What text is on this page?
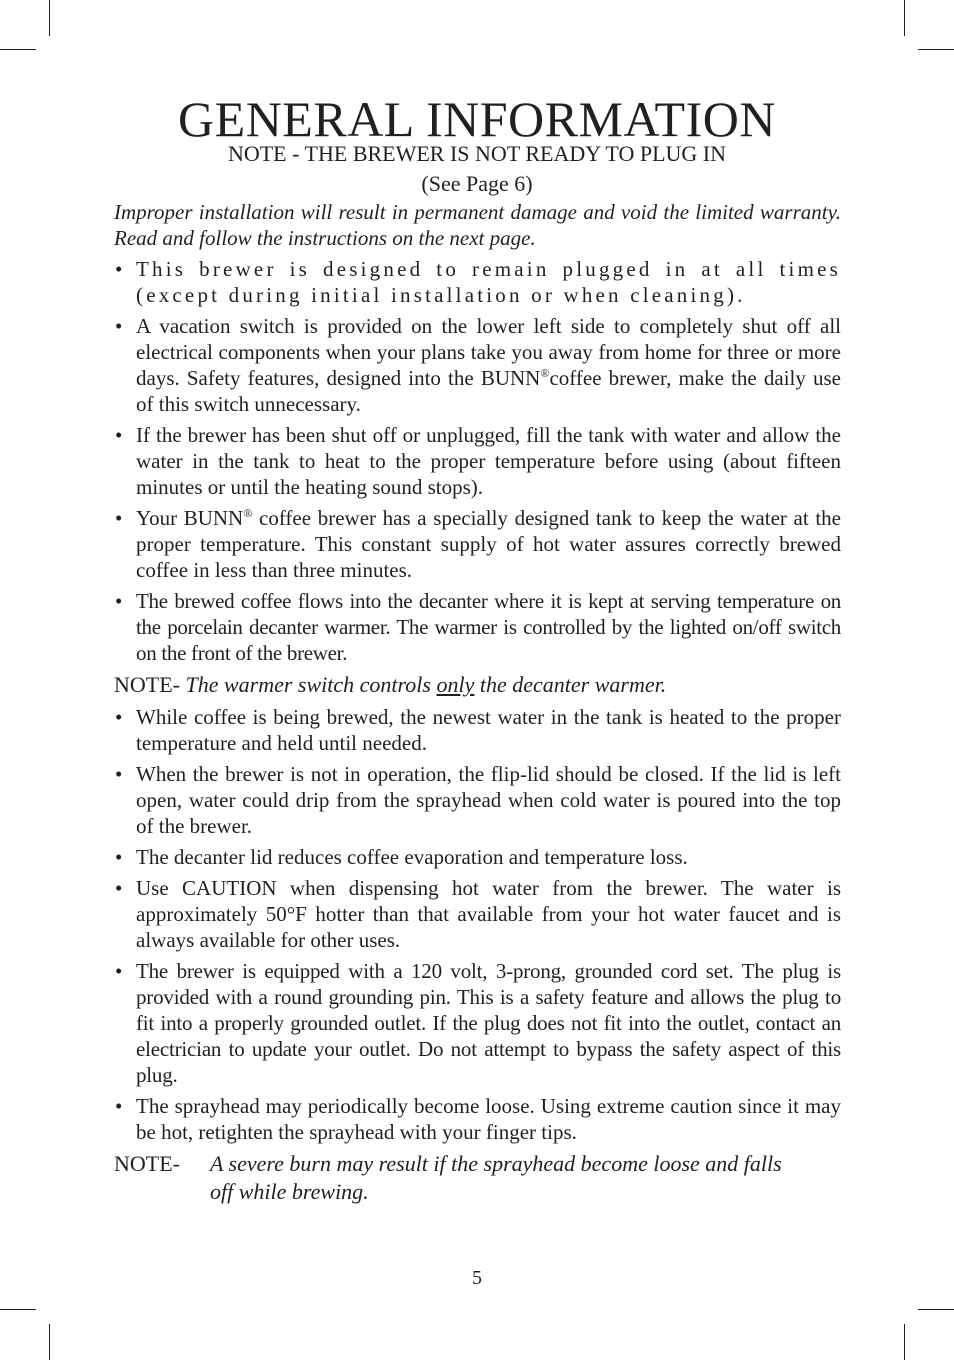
GENERAL INFORMATION
NOTE - THE BREWER IS NOT READY TO PLUG IN
(See Page 6)

Improper installation will result in permanent damage and void the limited warranty. Read and follow the instructions on the next page.

• This brewer is designed to remain plugged in at all times (except during initial installation or when cleaning).
• A vacation switch is provided on the lower left side to completely shut off all electrical components when your plans take you away from home for three or more days. Safety features, designed into the BUNN®coffee brewer, make the daily use of this switch unnecessary.
• If the brewer has been shut off or unplugged, fill the tank with water and allow the water in the tank to heat to the proper temperature before using (about fifteen minutes or until the heating sound stops).
• Your BUNN® coffee brewer has a specially designed tank to keep the water at the proper temperature. This constant supply of hot water assures correctly brewed coffee in less than three minutes.
• The brewed coffee flows into the decanter where it is kept at serving temperature on the porcelain decanter warmer. The warmer is controlled by the lighted on/off switch on the front of the brewer.
NOTE- The warmer switch controls only the decanter warmer.
• While coffee is being brewed, the newest water in the tank is heated to the proper temperature and held until needed.
• When the brewer is not in operation, the flip-lid should be closed. If the lid is left open, water could drip from the sprayhead when cold water is poured into the top of the brewer.
• The decanter lid reduces coffee evaporation and temperature loss.
• Use CAUTION when dispensing hot water from the brewer. The water is approximately 50°F hotter than that available from your hot water faucet and is always available for other uses.
• The brewer is equipped with a 120 volt, 3-prong, grounded cord set. The plug is provided with a round grounding pin. This is a safety feature and allows the plug to fit into a properly grounded outlet. If the plug does not fit into the outlet, contact an electrician to update your outlet. Do not attempt to bypass the safety aspect of this plug.
• The sprayhead may periodically become loose. Using extreme caution since it may be hot, retighten the sprayhead with your finger tips.
NOTE-	A severe burn may result if the sprayhead become loose and falls off while brewing.
5
